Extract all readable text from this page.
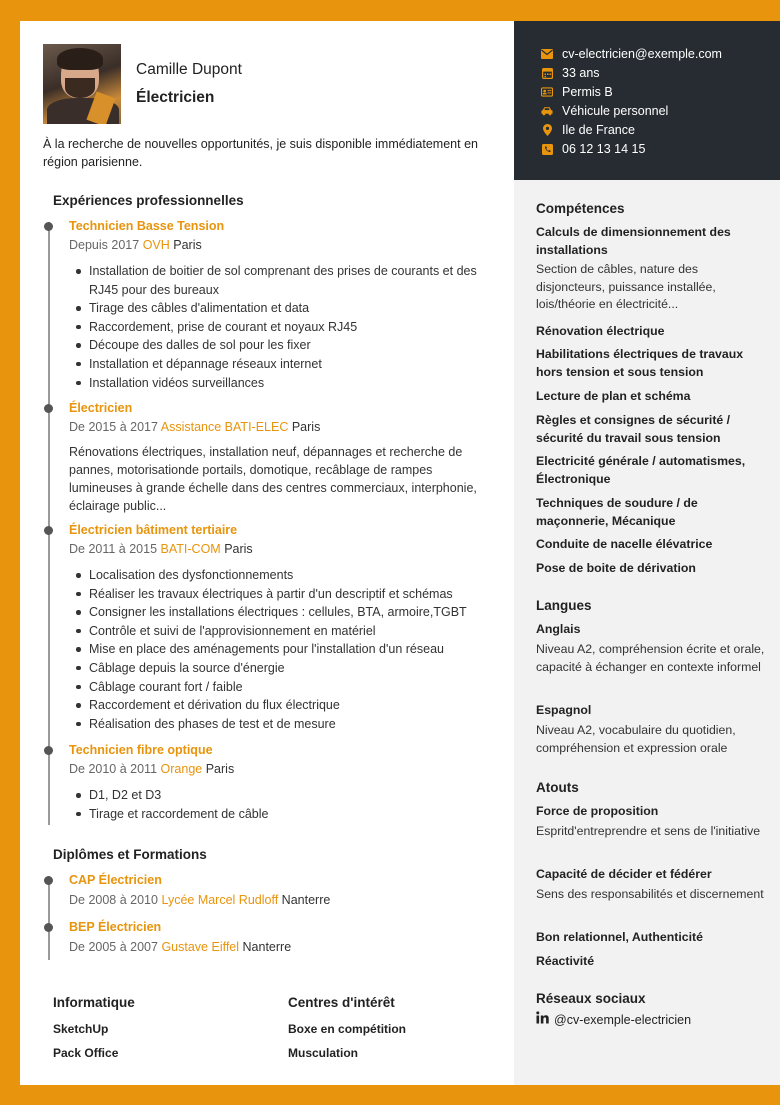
Camille Dupont
Électricien
À la recherche de nouvelles opportunités, je suis disponible immédiatement en région parisienne.
Expériences professionnelles
Technicien Basse Tension
Depuis 2017 OVH Paris
Installation de boitier de sol comprenant des prises de courants et des RJ45 pour des bureaux
Tirage des câbles d'alimentation et data
Raccordement, prise de courant et noyaux RJ45
Découpe des dalles de sol pour les fixer
Installation et dépannage réseaux internet
Installation vidéos surveillances
Électricien
De 2015 à 2017 Assistance BATI-ELEC Paris
Rénovations électriques, installation neuf, dépannages et recherche de pannes, motorisationde portails, domotique, recâblage de rampes lumineuses à grande échelle dans des centres commerciaux, interphonie, éclairage public...
Électricien bâtiment tertiaire
De 2011 à 2015 BATI-COM Paris
Localisation des dysfonctionnements
Réaliser les travaux électriques à partir d'un descriptif et schémas
Consigner les installations électriques : cellules, BTA, armoire,TGBT
Contrôle et suivi de l'approvisionnement en matériel
Mise en place des aménagements pour l'installation d'un réseau
Câblage depuis la source d'énergie
Câblage courant fort / faible
Raccordement et dérivation du flux électrique
Réalisation des phases de test et de mesure
Technicien fibre optique
De 2010 à 2011 Orange Paris
D1, D2 et D3
Tirage et raccordement de câble
Diplômes et Formations
CAP Électricien
De 2008 à 2010 Lycée Marcel Rudloff Nanterre
BEP Électricien
De 2005 à 2007 Gustave Eiffel Nanterre
Informatique
SketchUp
Pack Office
Centres d'intérêt
Boxe en compétition
Musculation
cv-electricien@exemple.com
33 ans
Permis B
Véhicule personnel
Ile de France
06 12 13 14 15
Compétences
Calculs de dimensionnement des installations
Section de câbles, nature des disjoncteurs, puissance installée, lois/théorie en électricité...
Rénovation électrique
Habilitations électriques de travaux hors tension et sous tension
Lecture de plan et schéma
Règles et consignes de sécurité / sécurité du travail sous tension
Electricité générale / automatismes, Électronique
Techniques de soudure / de maçonnerie, Mécanique
Conduite de nacelle élévatrice
Pose de boite de dérivation
Langues
Anglais
Niveau A2, compréhension écrite et orale, capacité à échanger en contexte informel
Espagnol
Niveau A2, vocabulaire du quotidien, compréhension et expression orale
Atouts
Force de proposition
Espritd'entreprendre et sens de l'initiative
Capacité de décider et fédérer
Sens des responsabilités et discernement
Bon relationnel, Authenticité
Réactivité
Réseaux sociaux
@cv-exemple-electricien
